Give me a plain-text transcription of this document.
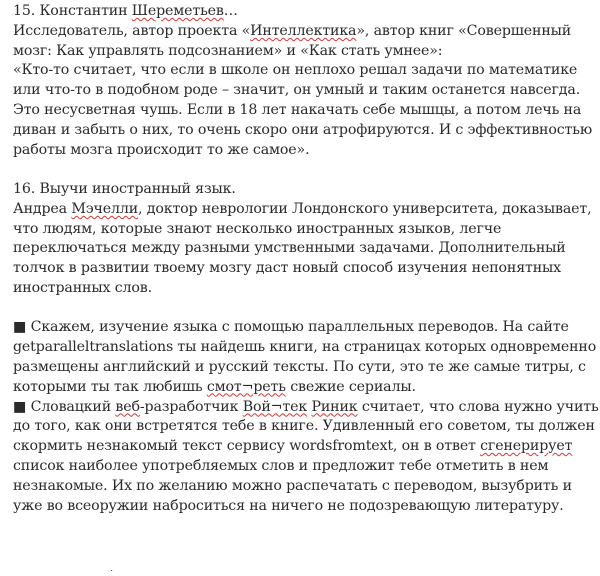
15. Константин Шереметьев…

Исследователь, автор проекта «Интеллектика», автор книг «Совершенный

мозг: Как управлять подсознанием» и «Как стать умнее»:

«Кто-то считает, что если в школе он неплохо решал задачи по математике

или что-то в подобном роде – значит, он умный и таким останется навсегда.

Это несусветная чушь. Если в 18 лет накачать себе мышцы, а потом лечь на

диван и забыть о них, то очень скоро они атрофируются. И с эффективностью

работы мозга происходит то же самое».

16. Выучи иностранный язык.

Андреа Мэчелли, доктор неврологии Лондонского университета, доказывает,

что людям, которые знают несколько иностранных языков, легче

переключаться между разными умственными задачами. Дополнительный

толчок в развитии твоему мозгу даст новый способ изучения непонятных

иностранных слов.

■ Скажем, изучение языка с помощью параллельных переводов. На сайте

getparalleltranslations ты найдешь книги, на страницах которых одновременно

размещены английский и русский тексты. По сути, это те же самые титры, с

которыми ты так любишь смот¬реть свежие сериалы.

■ Словацкий веб-разработчик Вой¬тек Риник считает, что слова нужно учить

до того, как они встретятся тебе в книге. Удивленный его советом, ты должен

скормить незнакомый текст сервису wordsfromtext, он в ответ сгенерирует

список наиболее употребляемых слов и предложит тебе отметить в нем

незнакомые. Их по желанию можно распечатать с переводом, вызубрить и

уже во всеоружии наброситься на ничего не подозревающую литературу.
